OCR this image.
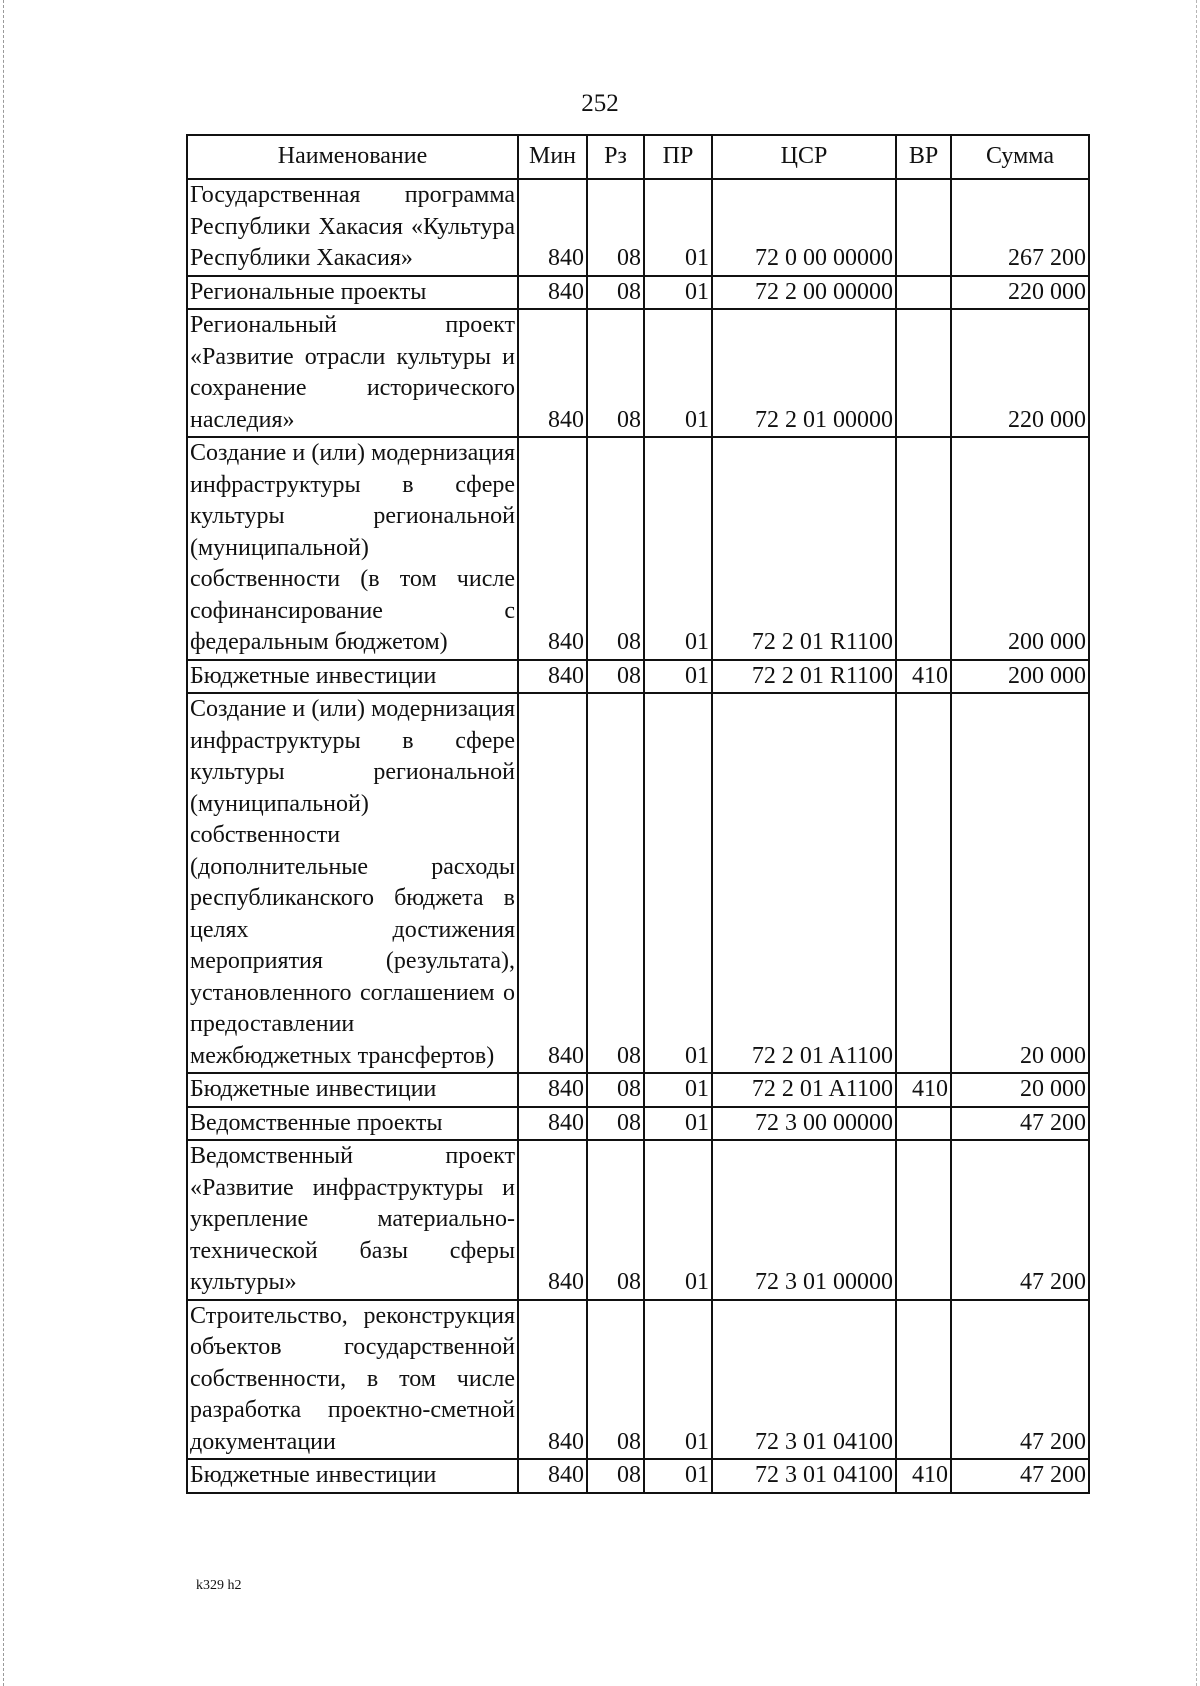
252
Наименование	Мин	Рз	ПР	ЦСР	ВР	Сумма
Государственная программа Республики Хакасия «Культура Республики Хакасия»	840	08	01	72 0 00 00000		267 200
Региональные проекты	840	08	01	72 2 00 00000		220 000
Региональный проект «Развитие отрасли культуры и сохранение исторического наследия»	840	08	01	72 2 01 00000		220 000
Создание и (или) модернизация инфраструктуры в сфере культуры региональной (муниципальной) собственности (в том числе софинансирование с федеральным бюджетом)	840	08	01	72 2 01 R1100		200 000
Бюджетные инвестиции	840	08	01	72 2 01 R1100	410	200 000
Создание и (или) модернизация инфраструктуры в сфере культуры региональной (муниципальной) собственности (дополнительные расходы республиканского бюджета в целях достижения мероприятия (результата), установленного соглашением о предоставлении межбюджетных трансфертов)	840	08	01	72 2 01 A1100		20 000
Бюджетные инвестиции	840	08	01	72 2 01 A1100	410	20 000
Ведомственные проекты	840	08	01	72 3 00 00000		47 200
Ведомственный проект «Развитие инфраструктуры и укрепление материально-технической базы сферы культуры»	840	08	01	72 3 01 00000		47 200
Строительство, реконструкция объектов государственной собственности, в том числе разработка проектно-сметной документации	840	08	01	72 3 01 04100		47 200
Бюджетные инвестиции	840	08	01	72 3 01 04100	410	47 200
k329 h2
